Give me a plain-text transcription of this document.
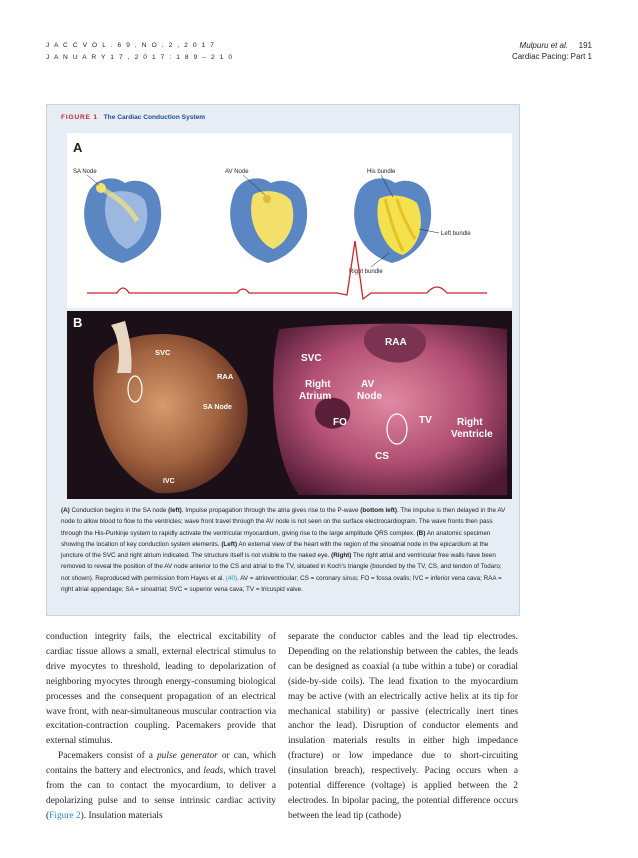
J A C C V O L . 6 9 , N O . 2 , 2 0 1 7
J A N U A R Y 1 7 , 2 0 1 7 : 1 8 9 – 2 1 0
Mulpuru et al. 191
Cardiac Pacing: Part 1
FIGURE 1 The Cardiac Conduction System
A
SA Node	AV Node	His bundle
Left bundle
Right bundle
B
SVC
RAA
SA Node
IVC
RAA
SVC
Right
Atrium
AV
Node
TV	Right
Ventricle
FO
CS
(A) Conduction begins in the SA node (left). Impulse propagation through the atria gives rise to the P-wave (bottom left). The impulse is then delayed in the AV node to allow blood to flow to the ventricles; wave front travel through the AV node is not seen on the surface electrocardiogram. The wave fronts then pass through the His-Purkinje system to rapidly activate the ventricular myocardium, giving rise to the large amplitude QRS complex. (B) An anatomic specimen showing the location of key conduction system elements. (Left) An external view of the heart with the region of the sinoatrial node in the epicardium at the juncture of the SVC and right atrium indicated. The structure itself is not visible to the naked eye. (Right) The right atrial and ventricular free walls have been removed to reveal the position of the AV node anterior to the CS and atrial to the TV, situated in Koch's triangle (bounded by the TV, CS, and tendon of Todaro; not shown). Reproduced with permission from Hayes et al. (40). AV = atrioventricular; CS = coronary sinus; FO = fossa ovalis; IVC = inferior vena cava; RAA = right atrial appendage; SA = sinoatrial; SVC = superior vena cava; TV = tricuspid valve.

conduction integrity fails, the electrical excitability of cardiac tissue allows a small, external electrical stimulus to drive myocytes to threshold, leading to depolarization of neighboring myocytes through energy-consuming biological processes and the consequent propagation of an electrical wave front, with near-simultaneous muscular contraction via excitation-contraction coupling. Pacemakers provide that external stimulus.

Pacemakers consist of a pulse generator or can, which contains the battery and electronics, and leads, which travel from the can to contact the myocardium, to deliver a depolarizing pulse and to sense intrinsic cardiac activity (Figure 2). Insulation materials

separate the conductor cables and the lead tip electrodes. Depending on the relationship between the cables, the leads can be designed as coaxial (a tube within a tube) or coradial (side-by-side coils). The lead fixation to the myocardium may be active (with an electrically active helix at its tip for mechanical stability) or passive (electrically inert tines anchor the lead). Disruption of conductor elements and insulation materials results in either high impedance (fracture) or low impedance due to short-circuiting (insulation breach), respectively. Pacing occurs when a potential difference (voltage) is applied between the 2 electrodes. In bipolar pacing, the potential difference occurs between the lead tip (cathode)
